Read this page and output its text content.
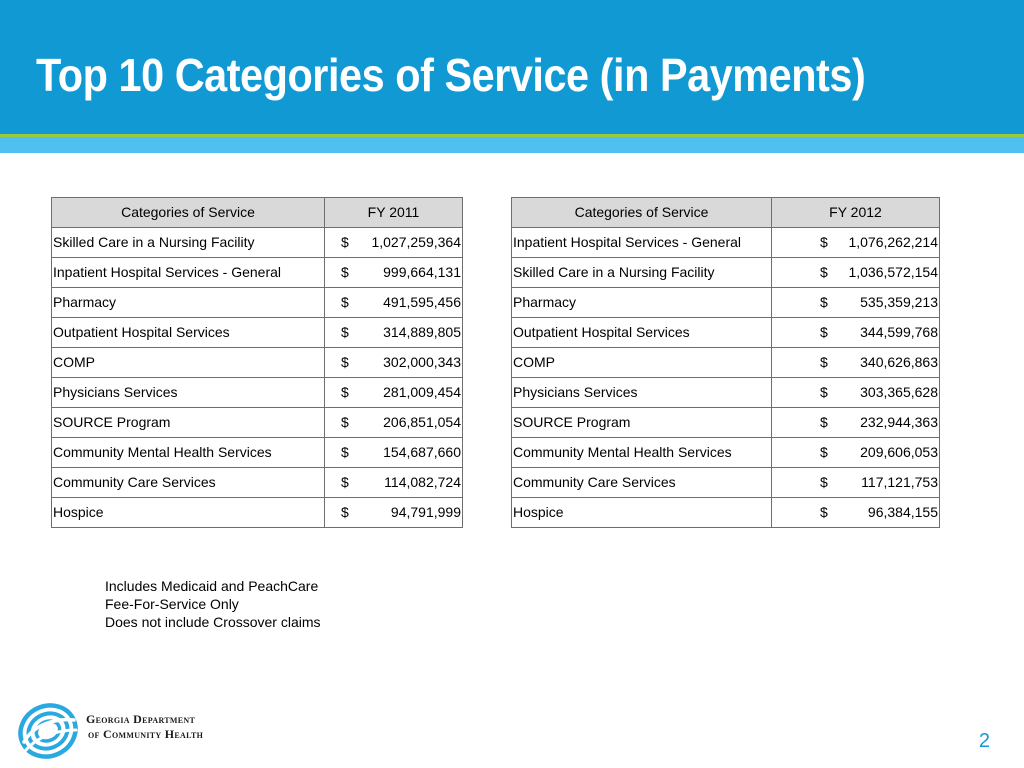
Top 10 Categories of Service (in Payments)
Categories of Service	FY 2011
Skilled Care in a Nursing Facility	$ 1,027,259,364

Inpatient Hospital Services - General	$ 999,664,131

Pharmacy	$ 491,595,456

Outpatient Hospital Services	$ 314,889,805

COMP	$ 302,000,343

Physicians Services	$ 281,009,454

SOURCE Program	$ 206,851,054

Community Mental Health Services	$ 154,687,660

Community Care Services	$ 114,082,724

Hospice	$ 94,791,999
Categories of Service	FY 2012
Inpatient Hospital Services - General	$ 1,076,262,214

Skilled Care in a Nursing Facility	$ 1,036,572,154

Pharmacy	$ 535,359,213

Outpatient Hospital Services	$ 344,599,768

COMP	$ 340,626,863

Physicians Services	$ 303,365,628

SOURCE Program	$ 232,944,363

Community Mental Health Services	$ 209,606,053

Community Care Services	$ 117,121,753

Hospice	$ 96,384,155
Includes Medicaid and PeachCare
Fee-For-Service Only
Does not include Crossover claims
Georgia Department
of Community Health	2
